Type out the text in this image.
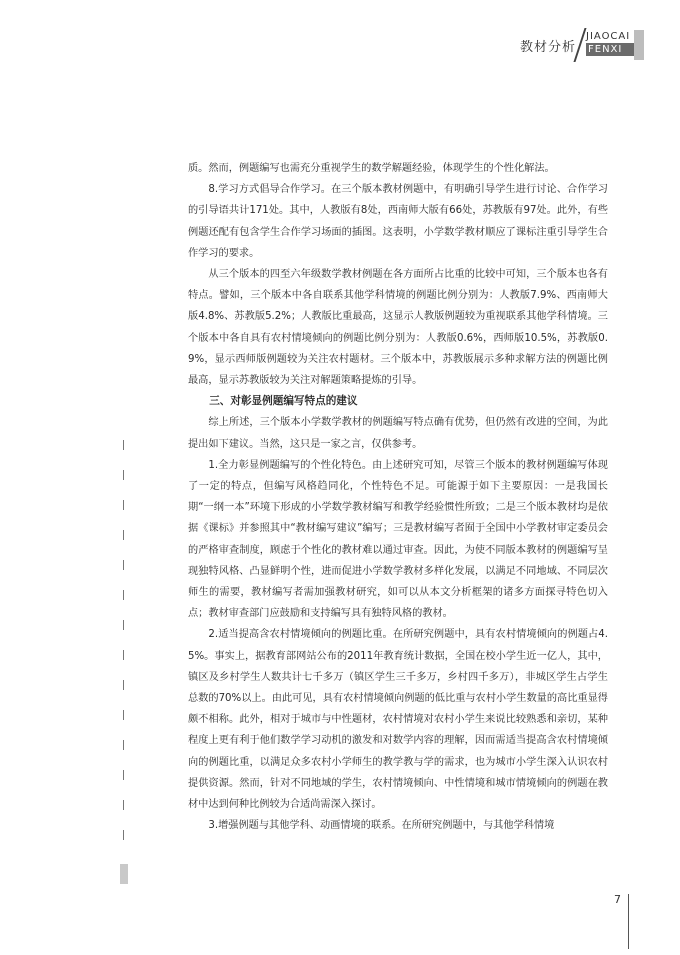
教材分析
JIAOCAI
FENXI

质。然而，例题编写也需充分重视学生的数学解题经验，体现学生的个性化解法。

8.学习方式倡导合作学习。在三个版本教材例题中，有明确引导学生进行讨论、合作学习的引导语共计171处。其中，人教版有8处，西南师大版有66处，苏教版有97处。此外，有些例题还配有包含学生合作学习场面的插图。这表明，小学数学教材顺应了课标注重引导学生合作学习的要求。

从三个版本的四至六年级数学教材例题在各方面所占比重的比较中可知，三个版本也各有特点。譬如，三个版本中各自联系其他学科情境的例题比例分别为：人教版7.9%、西南师大版4.8%、苏教版5.2%；人教版比重最高，这显示人教版例题较为重视联系其他学科情境。三个版本中各自具有农村情境倾向的例题比例分别为：人教版0.6%，西师版10.5%，苏教版0.9%，显示西师版例题较为关注农村题材。三个版本中，苏教版展示多种求解方法的例题比例最高，显示苏教版较为关注对解题策略提炼的引导。

三、对彰显例题编写特点的建议

综上所述，三个版本小学数学教材的例题编写特点确有优势，但仍然有改进的空间，为此提出如下建议。当然，这只是一家之言，仅供参考。

1.全力彰显例题编写的个性化特色。由上述研究可知，尽管三个版本的教材例题编写体现了一定的特点，但编写风格趋同化，个性特色不足。可能源于如下主要原因：一是我国长期“一纲一本”环境下形成的小学数学教材编写和教学经验惯性所致；二是三个版本教材均是依据《课标》并参照其中“教材编写建议”编写；三是教材编写者囿于全国中小学教材审定委员会的严格审查制度，顾虑于个性化的教材难以通过审查。因此，为使不同版本教材的例题编写呈现独特风格、凸显鲜明个性，进而促进小学数学教材多样化发展，以满足不同地域、不同层次师生的需要，教材编写者需加强教材研究，如可以从本文分析框架的诸多方面探寻特色切入点；教材审查部门应鼓励和支持编写具有独特风格的教材。

2.适当提高含农村情境倾向的例题比重。在所研究例题中，具有农村情境倾向的例题占4.5%。事实上，据教育部网站公布的2011年教育统计数据，全国在校小学生近一亿人，其中，镇区及乡村学生人数共计七千多万（镇区学生三千多万，乡村四千多万），非城区学生占学生总数的70%以上。由此可见，具有农村情境倾向例题的低比重与农村小学生数量的高比重显得颇不相称。此外，相对于城市与中性题材，农村情境对农村小学生来说比较熟悉和亲切，某种程度上更有利于他们数学学习动机的激发和对数学内容的理解，因而需适当提高含农村情境倾向的例题比重，以满足众多农村小学师生的教学教与学的需求，也为城市小学生深入认识农村提供资源。然而，针对不同地域的学生，农村情境倾向、中性情境和城市情境倾向的例题在教材中达到何种比例较为合适尚需深入探讨。

3.增强例题与其他学科、动画情境的联系。在所研究例题中，与其他学科情境

7
